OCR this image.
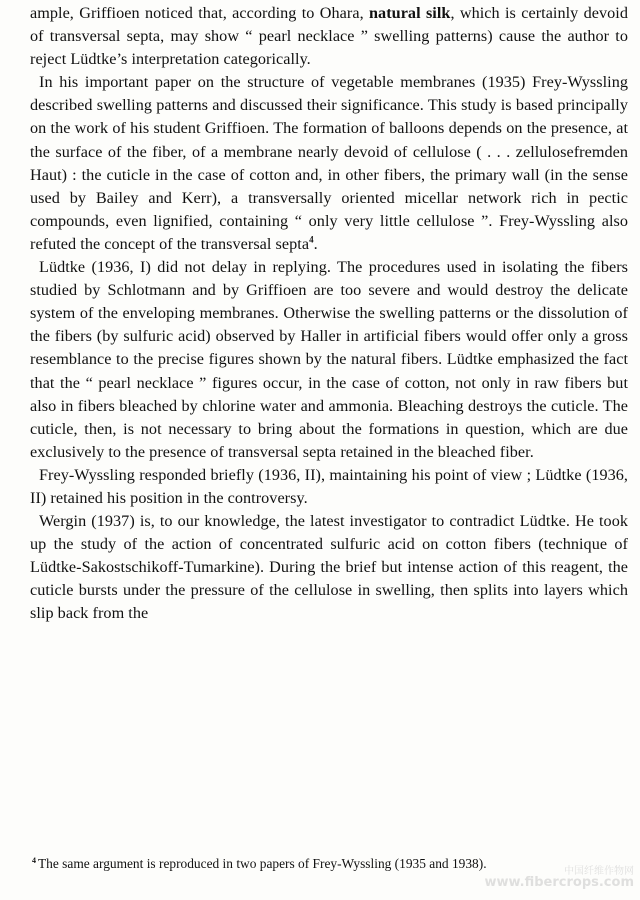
ample, Griffioen noticed that, according to Ohara, natural silk, which is certainly devoid of transversal septa, may show “ pearl necklace ” swelling patterns) cause the author to reject Lüdtke’s interpretation categorically.

In his important paper on the structure of vegetable membranes (1935) Frey-Wyssling described swelling patterns and discussed their significance. This study is based principally on the work of his student Griffioen. The formation of balloons depends on the presence, at the surface of the fiber, of a membrane nearly devoid of cellulose ( . . . zellulosefremden Haut) : the cuticle in the case of cotton and, in other fibers, the primary wall (in the sense used by Bailey and Kerr), a transversally oriented micellar network rich in pectic compounds, even lignified, containing “ only very little cellulose ”. Frey-Wyssling also refuted the concept of the transversal septa$^4$.

Lüdtke (1936, I) did not delay in replying. The procedures used in isolating the fibers studied by Schlotmann and by Griffioen are too severe and would destroy the delicate system of the enveloping membranes. Otherwise the swelling patterns or the dissolution of the fibers (by sulfuric acid) observed by Haller in artificial fibers would offer only a gross resemblance to the precise figures shown by the natural fibers. Lüdtke emphasized the fact that the “ pearl necklace ” figures occur, in the case of cotton, not only in raw fibers but also in fibers bleached by chlorine water and ammonia. Bleaching destroys the cuticle. The cuticle, then, is not necessary to bring about the formations in question, which are due exclusively to the presence of transversal septa retained in the bleached fiber.

Frey-Wyssling responded briefly (1936, II), maintaining his point of view ; Lüdtke (1936, II) retained his position in the controversy.

Wergin (1937) is, to our knowledge, the latest investigator to contradict Lüdtke. He took up the study of the action of concentrated sulfuric acid on cotton fibers (technique of Lüdtke-Sakostschikoff-Tumarkine). During the brief but intense action of this reagent, the cuticle bursts under the pressure of the cellulose in swelling, then splits into layers which slip back from the

$^4$ The same argument is reproduced in two papers of Frey-Wyssling (1935 and 1938).
中国纤维作物网
www.fibercrops.com
